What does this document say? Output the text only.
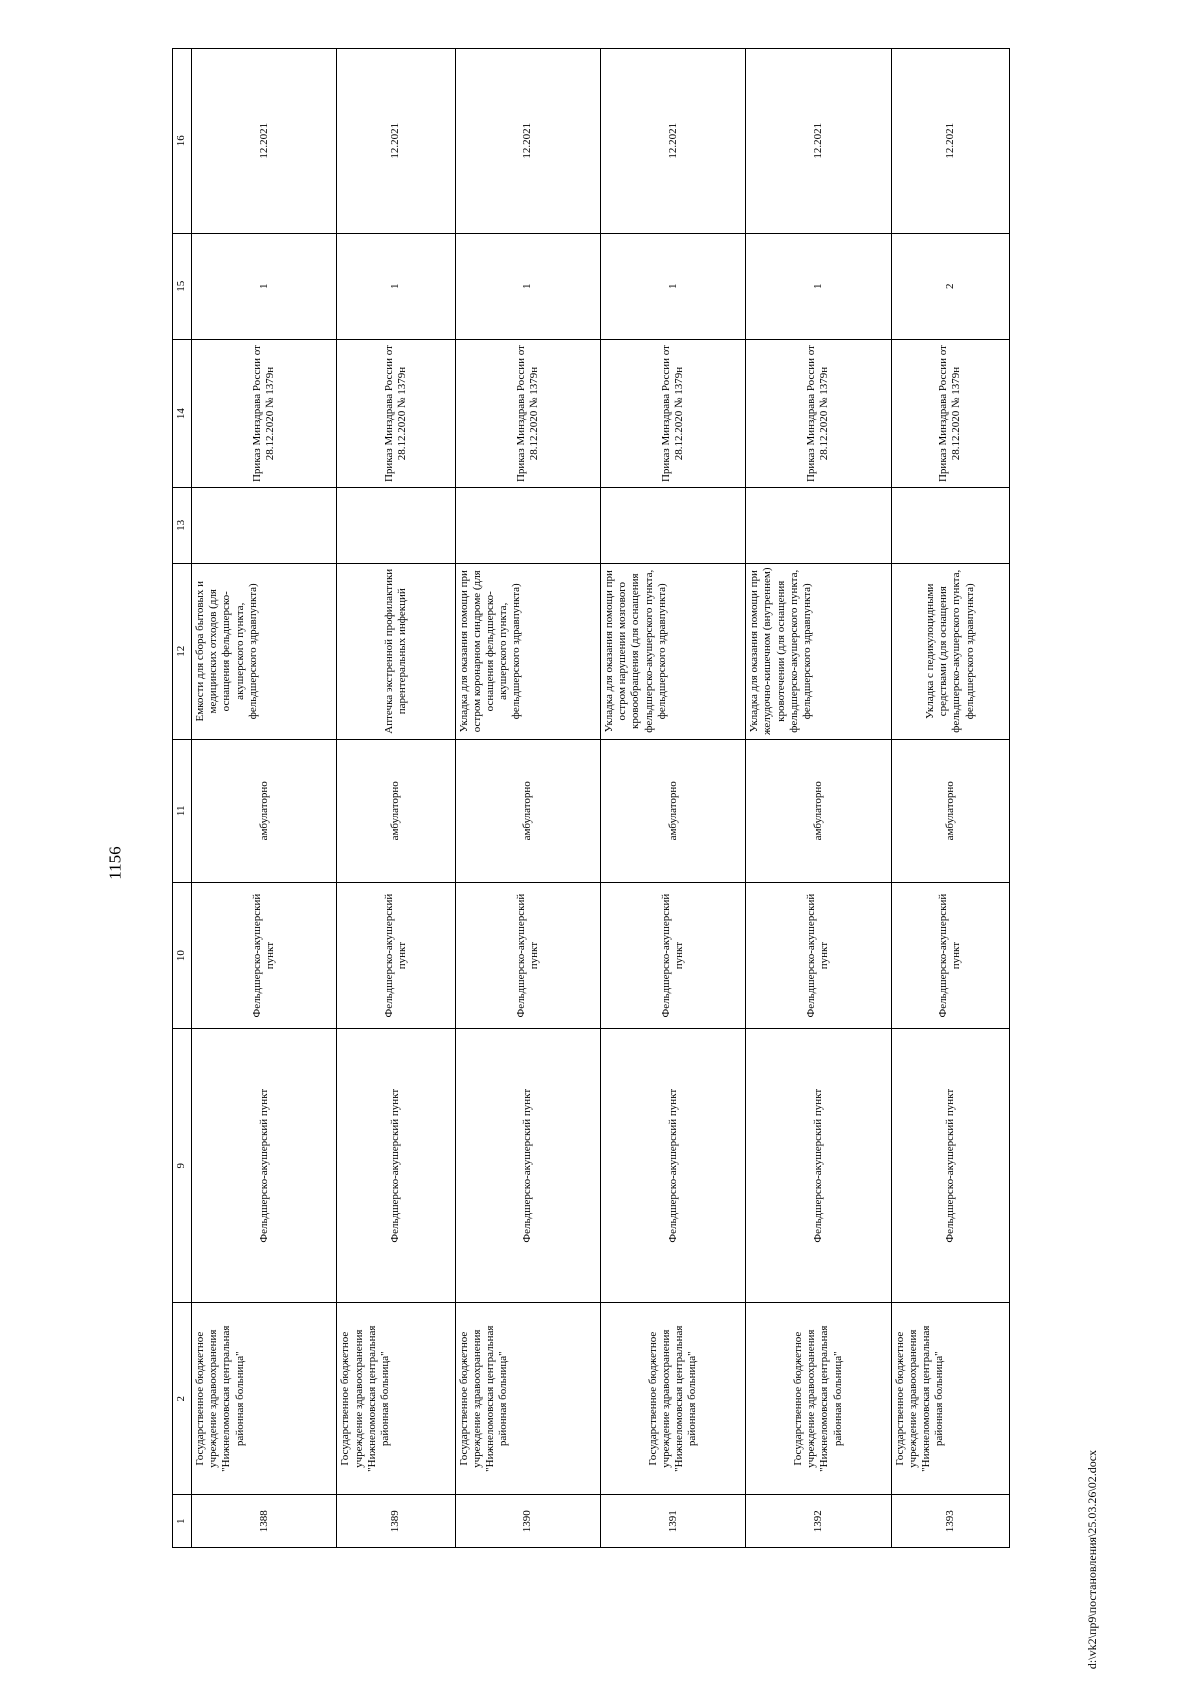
1156
1	2	9	10	11	12	13	14	15	16
1388	Государственное бюджетное учреждение здравоохранения "Нижнеломовская центральная районная больница"	Фельдшерско-акушерский пункт	Фельдшерско-акушерский пункт	амбулаторно	Емкости для сбора бытовых и медицинских отходов (для оснащения фельдшерско-акушерского пункта, фельдшерского здравпункта)		Приказ Минздрава России от 28.12.2020 № 1379н	1	12.2021
1389	Государственное бюджетное учреждение здравоохранения "Нижнеломовская центральная районная больница"	Фельдшерско-акушерский пункт	Фельдшерско-акушерский пункт	амбулаторно	Аптечка экстренной профилактики парентеральных инфекций		Приказ Минздрава России от 28.12.2020 № 1379н	1	12.2021
1390	Государственное бюджетное учреждение здравоохранения "Нижнеломовская центральная районная больница"	Фельдшерско-акушерский пункт	Фельдшерско-акушерский пункт	амбулаторно	Укладка для оказания помощи при остром коронарном синдроме (для оснащения фельдшерско-акушерского пункта, фельдшерского здравпункта)		Приказ Минздрава России от 28.12.2020 № 1379н	1	12.2021
1391	Государственное бюджетное учреждение здравоохранения "Нижнеломовская центральная районная больница"	Фельдшерско-акушерский пункт	Фельдшерско-акушерский пункт	амбулаторно	Укладка для оказания помощи при остром нарушении мозгового кровообращения (для оснащения фельдшерско-акушерского пункта, фельдшерского здравпункта)		Приказ Минздрава России от 28.12.2020 № 1379н	1	12.2021
1392	Государственное бюджетное учреждение здравоохранения "Нижнеломовская центральная районная больница"	Фельдшерско-акушерский пункт	Фельдшерско-акушерский пункт	амбулаторно	Укладка для оказания помощи при желудочно-кишечном (внутреннем) кровотечении (для оснащения фельдшерско-акушерского пункта, фельдшерского здравпункта)		Приказ Минздрава России от 28.12.2020 № 1379н	1	12.2021
1393	Государственное бюджетное учреждение здравоохранения "Нижнеломовская центральная районная больница"	Фельдшерско-акушерский пункт	Фельдшерско-акушерский пункт	амбулаторно	Укладка с педикулоцидными средствами (для оснащения фельдшерско-акушерского пункта, фельдшерского здравпункта)		Приказ Минздрава России от 28.12.2020 № 1379н	2	12.2021
d:\vk2\пр9\постановления\25.03.26\02.docx
